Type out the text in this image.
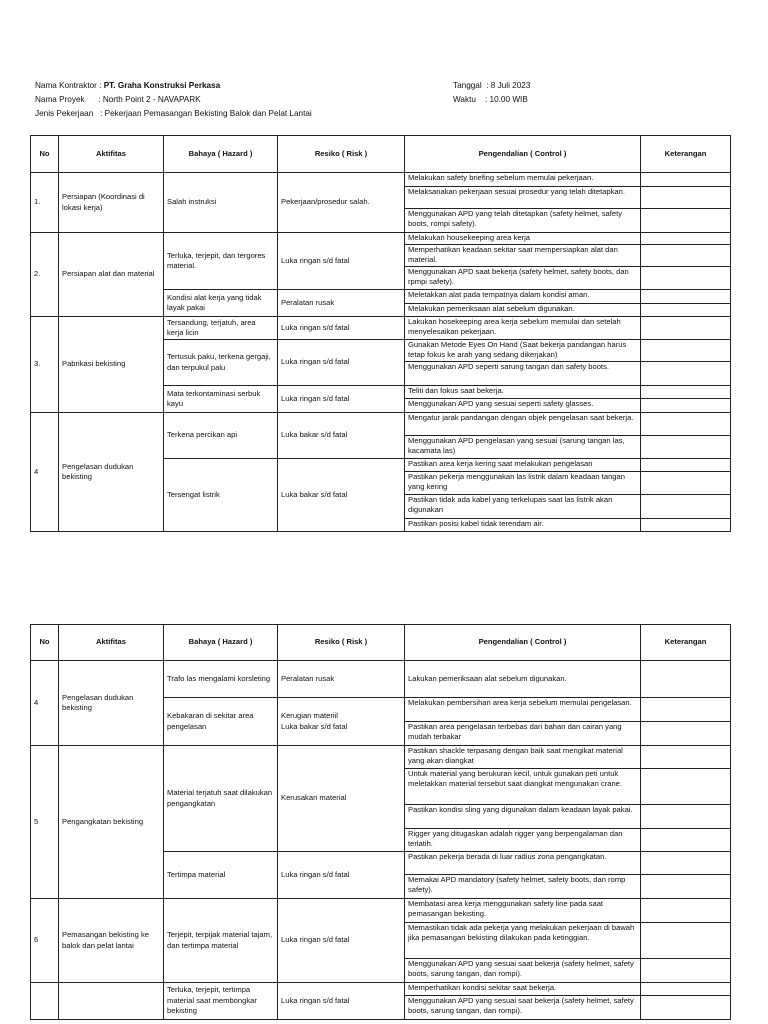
Nama Kontraktor : PT. Graha Konstruksi Perkasa
Nama Proyek      : North Point 2 - NAVAPARK
Jenis Pekerjaan   : Pekerjaan Pemasangan Bekisting Balok dan Pelat Lantai
Tanggal  : 8 Juli 2023
Waktu    : 10.00 WIB
No	Aktifitas	Bahaya ( Hazard )	Resiko ( Risk )	Pengendalian ( Control )	Keterangan
1.	Persiapan (Koordinasi di lokasi kerja)	Salah instruksi	Pekerjaan/prosedur salah.	Melakukan safety briefing sebelum memulai pekerjaan.	
				Melaksanakan pekerjaan sesuai prosedur yang telah ditetapkan.	
				Menggunakan APD yang telah ditetapkan (safety helmet, safety boots, rompi safety).	
2.	Persiapan alat dan material	Terluka, terjepit, dan tergores material.	Luka ringan s/d fatal	Melakukan housekeeping area kerja	
				Memperhatikan keadaan sekitar saat mempersiapkan alat dan material.	
				Menggunakan APD saat bekerja (safety helmet, safety boots, dan rpmpi safety).	
		Kondisi alat kerja yang tidak layak pakai	Peralatan rusak	Meletakkan alat pada tempatnya dalam kondisi aman.	
				Melakukan pemeriksaan alat sebelum digunakan.	
3.	Pabrikasi bekisting	Tersandung, terjatuh, area kerja licin	Luka ringan s/d fatal	Lakukan hosekeeping area kerja sebelum memulai dan setelah menyelesaikan pekerjaan.	
		Tertusuk paku, terkena gergaji, dan terpukul palu	Luka ringan s/d fatal	Gunakan Metode Eyes On Hand (Saat bekerja pandangan harus tetap fokus ke arah yang sedang dikerjakan)	
				Menggunakan APD seperti sarung tangan dan safety boots.	
		Mata terkontaminasi serbuk kayu	Luka ringan s/d fatal	Teliti dan fokus saat bekerja.	
				Menggunakan APD yang sesuai seperti safety glasses.	
4	Pengelasan dudukan bekisting	Terkena percikan api	Luka bakar s/d fatal	Mengatur jarak pandangan dengan objek pengelasan saat bekerja.	
				Menggunakan APD pengelasan yang sesuai (sarung tangan las, kacamata las)	
		Tersengat listrik	Luka bakar s/d fatal	Pastikan area kerja kering saat melakukan pengelasan	
				Pastikan pekerja menggunakan las listrik dalam keadaan tangan yang kering	
				Pastikan tidak ada kabel yang terkelupas saat las listrik akan digunakan	
				Pastikan posisi kabel tidak terendam air.	
No	Aktifitas	Bahaya ( Hazard )	Resiko ( Risk )	Pengendalian ( Control )	Keterangan
4	Pengelasan dudukan bekisting	Trafo las mengalami korsleting	Peralatan rusak	Lakukan pemeriksaan alat sebelum digunakan.	
		Kebakaran di sekitar area pengelasan	Kerugian materiil
Luka bakar s/d fatal	Melakukan pembersihan area kerja sebelum memulai pengelasan.	
				Pastikan area pengelasan terbebas dari bahan dan cairan yang mudah terbakar	
5	Pengangkatan bekisting	Material terjatuh saat dilakukan pengangkatan	Kerusakan material	Pastikan shackle terpasang dengan baik saat mengikat material yang akan diangkat	
				Untuk material yang berukuran kecil, untuk gunakan peti untuk meletakkan material tersebut saat diangkat mengunakan crane.	
				Pastikan kondisi sling yang digunakan dalam keadaan layak pakai.	
				Rigger yang ditugaskan adalah rigger yang berpengalaman dan terlatih.	
		Tertimpa material	Luka ringan s/d fatal	Pastikan pekerja berada di luar radius zona pengangkatan.	
				Memakai APD mandatory (safety helmet, safety boots, dan romp safety).	
6	Pemasangan bekisting ke balok dan pelat lantai	Terjepit, terpijak material tajam, dan tertimpa material	Luka ringan s/d fatal	Membatasi area kerja menggunakan safety line pada saat pemasangan bekisting.	
				Memastikan tidak ada pekerja yang melakukan pekerjaan di bawah jika pemasangan bekisting dilakukan pada ketinggian.	
				Menggunakan APD yang sesuai saat bekerja (safety helmet, safety boots, sarung tangan, dan rompi).	
		Terluka, terjepit, tertimpa material saat membongkar bekisting	Luka ringan s/d fatal	Memperhatikan kondisi sekitar saat bekerja.	
				Menggunakan APD yang sesuai saat bekerja (safety helmet, safety boots, sarung tangan, dan rompi).	
